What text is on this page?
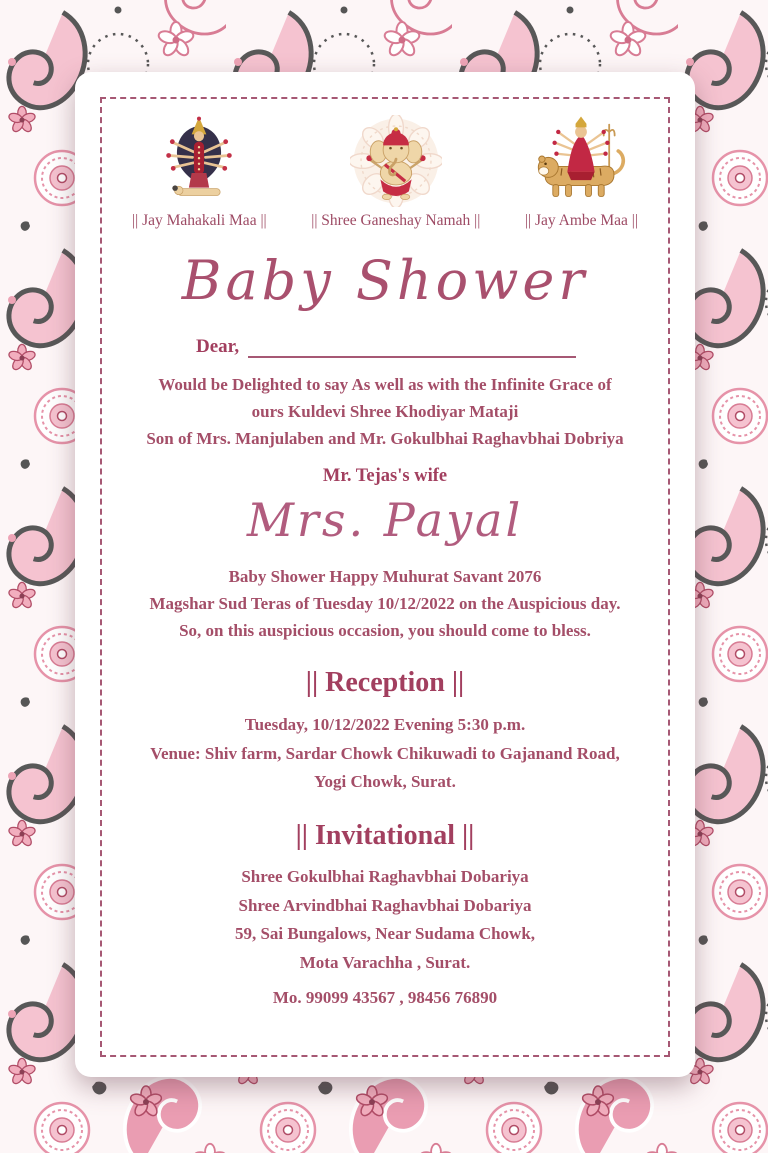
|| Jay Mahakali Maa ||	|| Shree Ganeshay Namah ||	|| Jay Ambe Maa ||
Baby Shower
Dear,
Would be Delighted to say As well as with the Infinite Grace of
ours Kuldevi Shree Khodiyar Mataji
Son of Mrs. Manjulaben and Mr. Gokulbhai Raghavbhai Dobriya
Mr. Tejas's wife
Mrs. Payal
Baby Shower Happy Muhurat Savant 2076
Magshar Sud Teras of Tuesday 10/12/2022 on the Auspicious day.
So, on this auspicious occasion, you should come to bless.
|| Reception ||
Tuesday, 10/12/2022 Evening 5:30 p.m.
Venue: Shiv farm, Sardar Chowk Chikuwadi to Gajanand Road,
Yogi Chowk, Surat.
|| Invitational ||
Shree Gokulbhai Raghavbhai Dobariya
Shree Arvindbhai Raghavbhai Dobariya
59, Sai Bungalows, Near Sudama Chowk,
Mota Varachha , Surat.
Mo. 99099 43567 , 98456 76890
